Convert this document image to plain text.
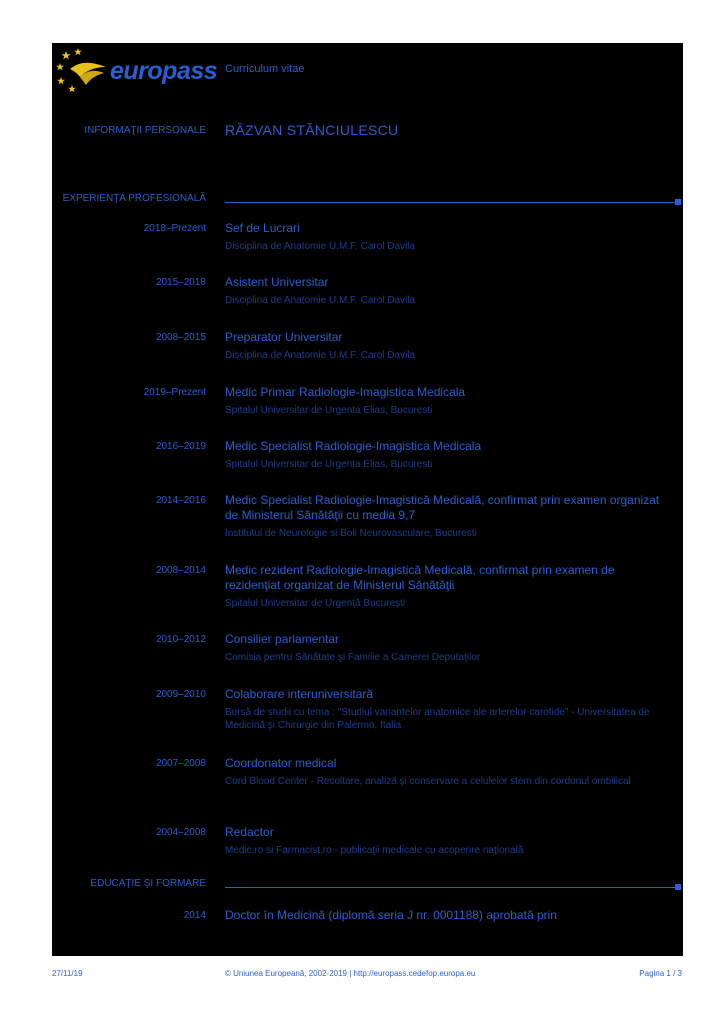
europass Curriculum vitae
INFORMAŢII PERSONALE RĂZVAN STĂNCIULESCU
EXPERIENŢA PROFESIONALĂ
2018–Prezent Sef de Lucrari
Disciplina de Anatomie U.M.F. Carol Davila
2015–2018 Asistent Universitar
Disciplina de Anatomie U.M.F. Carol Davila
2008–2015 Preparator Universitar
Disciplina de Anatomie U.M.F. Carol Davila
2019–Prezent Medic Primar Radiologie-Imagistica Medicala
Spitalul Universitar de Urgenta Elias, Bucuresti
2016–2019 Medic Specialist Radiologie-Imagistica Medicala
Spitalul Universitar de Urgenta Elias, Bucuresti
2014–2016 Medic Specialist Radiologie-Imagistică Medicală, confirmat prin examen organizat de Ministerul Sănătăţii cu media 9,7
Institutul de Neurologie si Boli Neurovasculare, Bucuresti
2008–2014 Medic rezident Radiologie-Imagistică Medicală, confirmat prin examen de rezidenţiat organizat de Ministerul Sănătăţii
Spitalul Universitar de Urgenţă Bucureşti
2010–2012 Consilier parlamentar
Comisia pentru Sănătate şi Familie a Camerei Deputaţilor
2009–2010 Colaborare interuniversitară
Bursă de studii cu tema : "Studiul variantelor anatomice ale arterelor carotide" - Universitatea de Medicină şi Chirurgie din Palermo, Italia
2007–2008 Coordonator medical
Cord Blood Center - Recoltare, analiză şi conservare a celulelor stem din cordonul ombilical
2004–2008 Redactor
Medic.ro si Farmacist.ro - publicaţii medicale cu acoperire naţională
EDUCAŢIE ŞI FORMARE
2014 Doctor în Medicină (diplomă seria J nr. 0001188) aprobată prin
27/11/19	© Uniunea Europeană, 2002-2019 | http://europass.cedefop.europa.eu	Pagina 1 / 3
